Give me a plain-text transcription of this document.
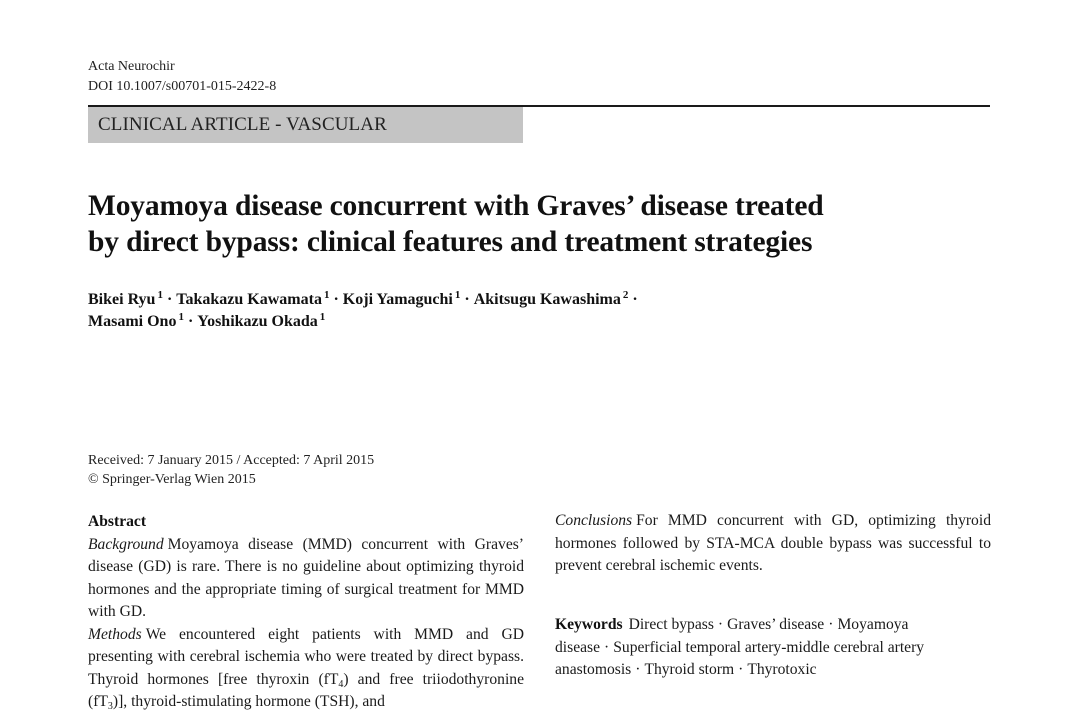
Acta Neurochir
DOI 10.1007/s00701-015-2422-8
CLINICAL ARTICLE - VASCULAR
Moyamoya disease concurrent with Graves’ disease treated
by direct bypass: clinical features and treatment strategies
Bikei Ryu $^1$ · Takakazu Kawamata $^1$ · Koji Yamaguchi $^1$ · Akitsugu Kawashima $^2$ ·
Masami Ono $^1$ · Yoshikazu Okada $^1$
Received: 7 January 2015 / Accepted: 7 April 2015
© Springer-Verlag Wien 2015
Abstract

Background Moyamoya disease (MMD) concurrent with Graves’ disease (GD) is rare. There is no guideline about optimizing thyroid hormones and the appropriate timing of surgical treatment for MMD with GD.

Methods We encountered eight patients with MMD and GD presenting with cerebral ischemia who were treated by direct bypass. Thyroid hormones [free thyroxin $(fT_4)$ and free triiodothyronine $(fT_3)$], thyroid-stimulating hormone (TSH), and

Conclusions For MMD concurrent with GD, optimizing thyroid hormones followed by STA-MCA double bypass was successful to prevent cerebral ischemic events.

Keywords Direct bypass · Graves’ disease · Moyamoya disease · Superficial temporal artery-middle cerebral artery anastomosis · Thyroid storm · Thyrotoxic
